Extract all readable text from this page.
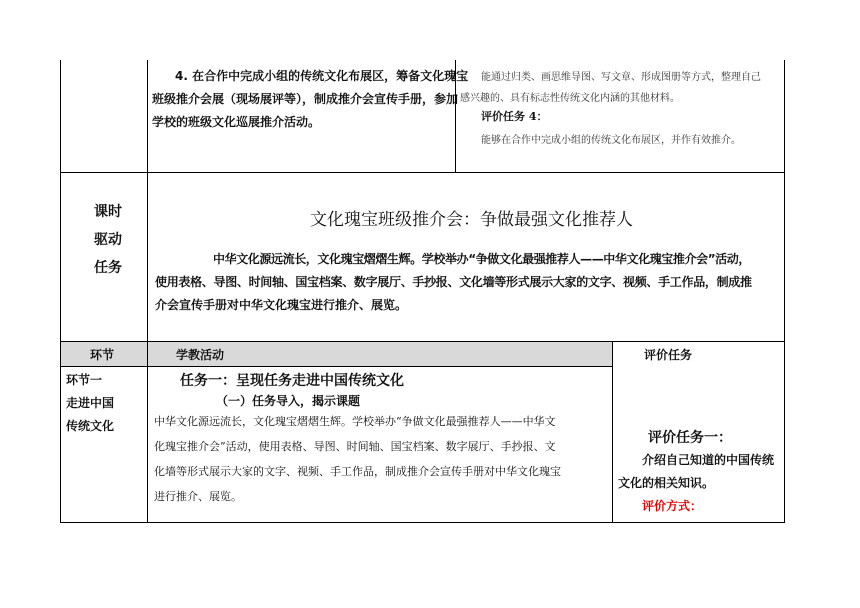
4. 在合作中完成小组的传统文化布展区，筹备文化瑰宝
班级推介会展（现场展评等），制成推介会宣传手册，参加
学校的班级文化巡展推介活动。
能通过归类、画思维导图、写文章、形成图册等方式，整理自己
感兴趣的、具有标志性传统文化内涵的其他材料。
评价任务 4：
能够在合作中完成小组的传统文化布展区，并作有效推介。
课时
驱动
任务
文化瑰宝班级推介会：争做最强文化推荐人
中华文化源远流长，文化瑰宝熠熠生辉。学校举办“争做文化最强推荐人——中华文化瑰宝推介会”活动，
使用表格、导图、时间轴、国宝档案、数字展厅、手抄报、文化墙等形式展示大家的文字、视频、手工作品，制成推
介会宣传手册对中华文化瑰宝进行推介、展览。
环节	学教活动	评价任务
环节一
走进中国
传统文化
任务一：呈现任务走进中国传统文化
（一）任务导入，揭示课题
中华文化源远流长，文化瑰宝熠熠生辉。学校举办“争做文化最强推荐人——中华文
化瑰宝推介会”活动，使用表格、导图、时间轴、国宝档案、数字展厅、手抄报、文
化墙等形式展示大家的文字、视频、手工作品，制成推介会宣传手册对中华文化瑰宝
进行推介、展览。
评价任务一：
介绍自己知道的中国传统
文化的相关知识。
评价方式：
